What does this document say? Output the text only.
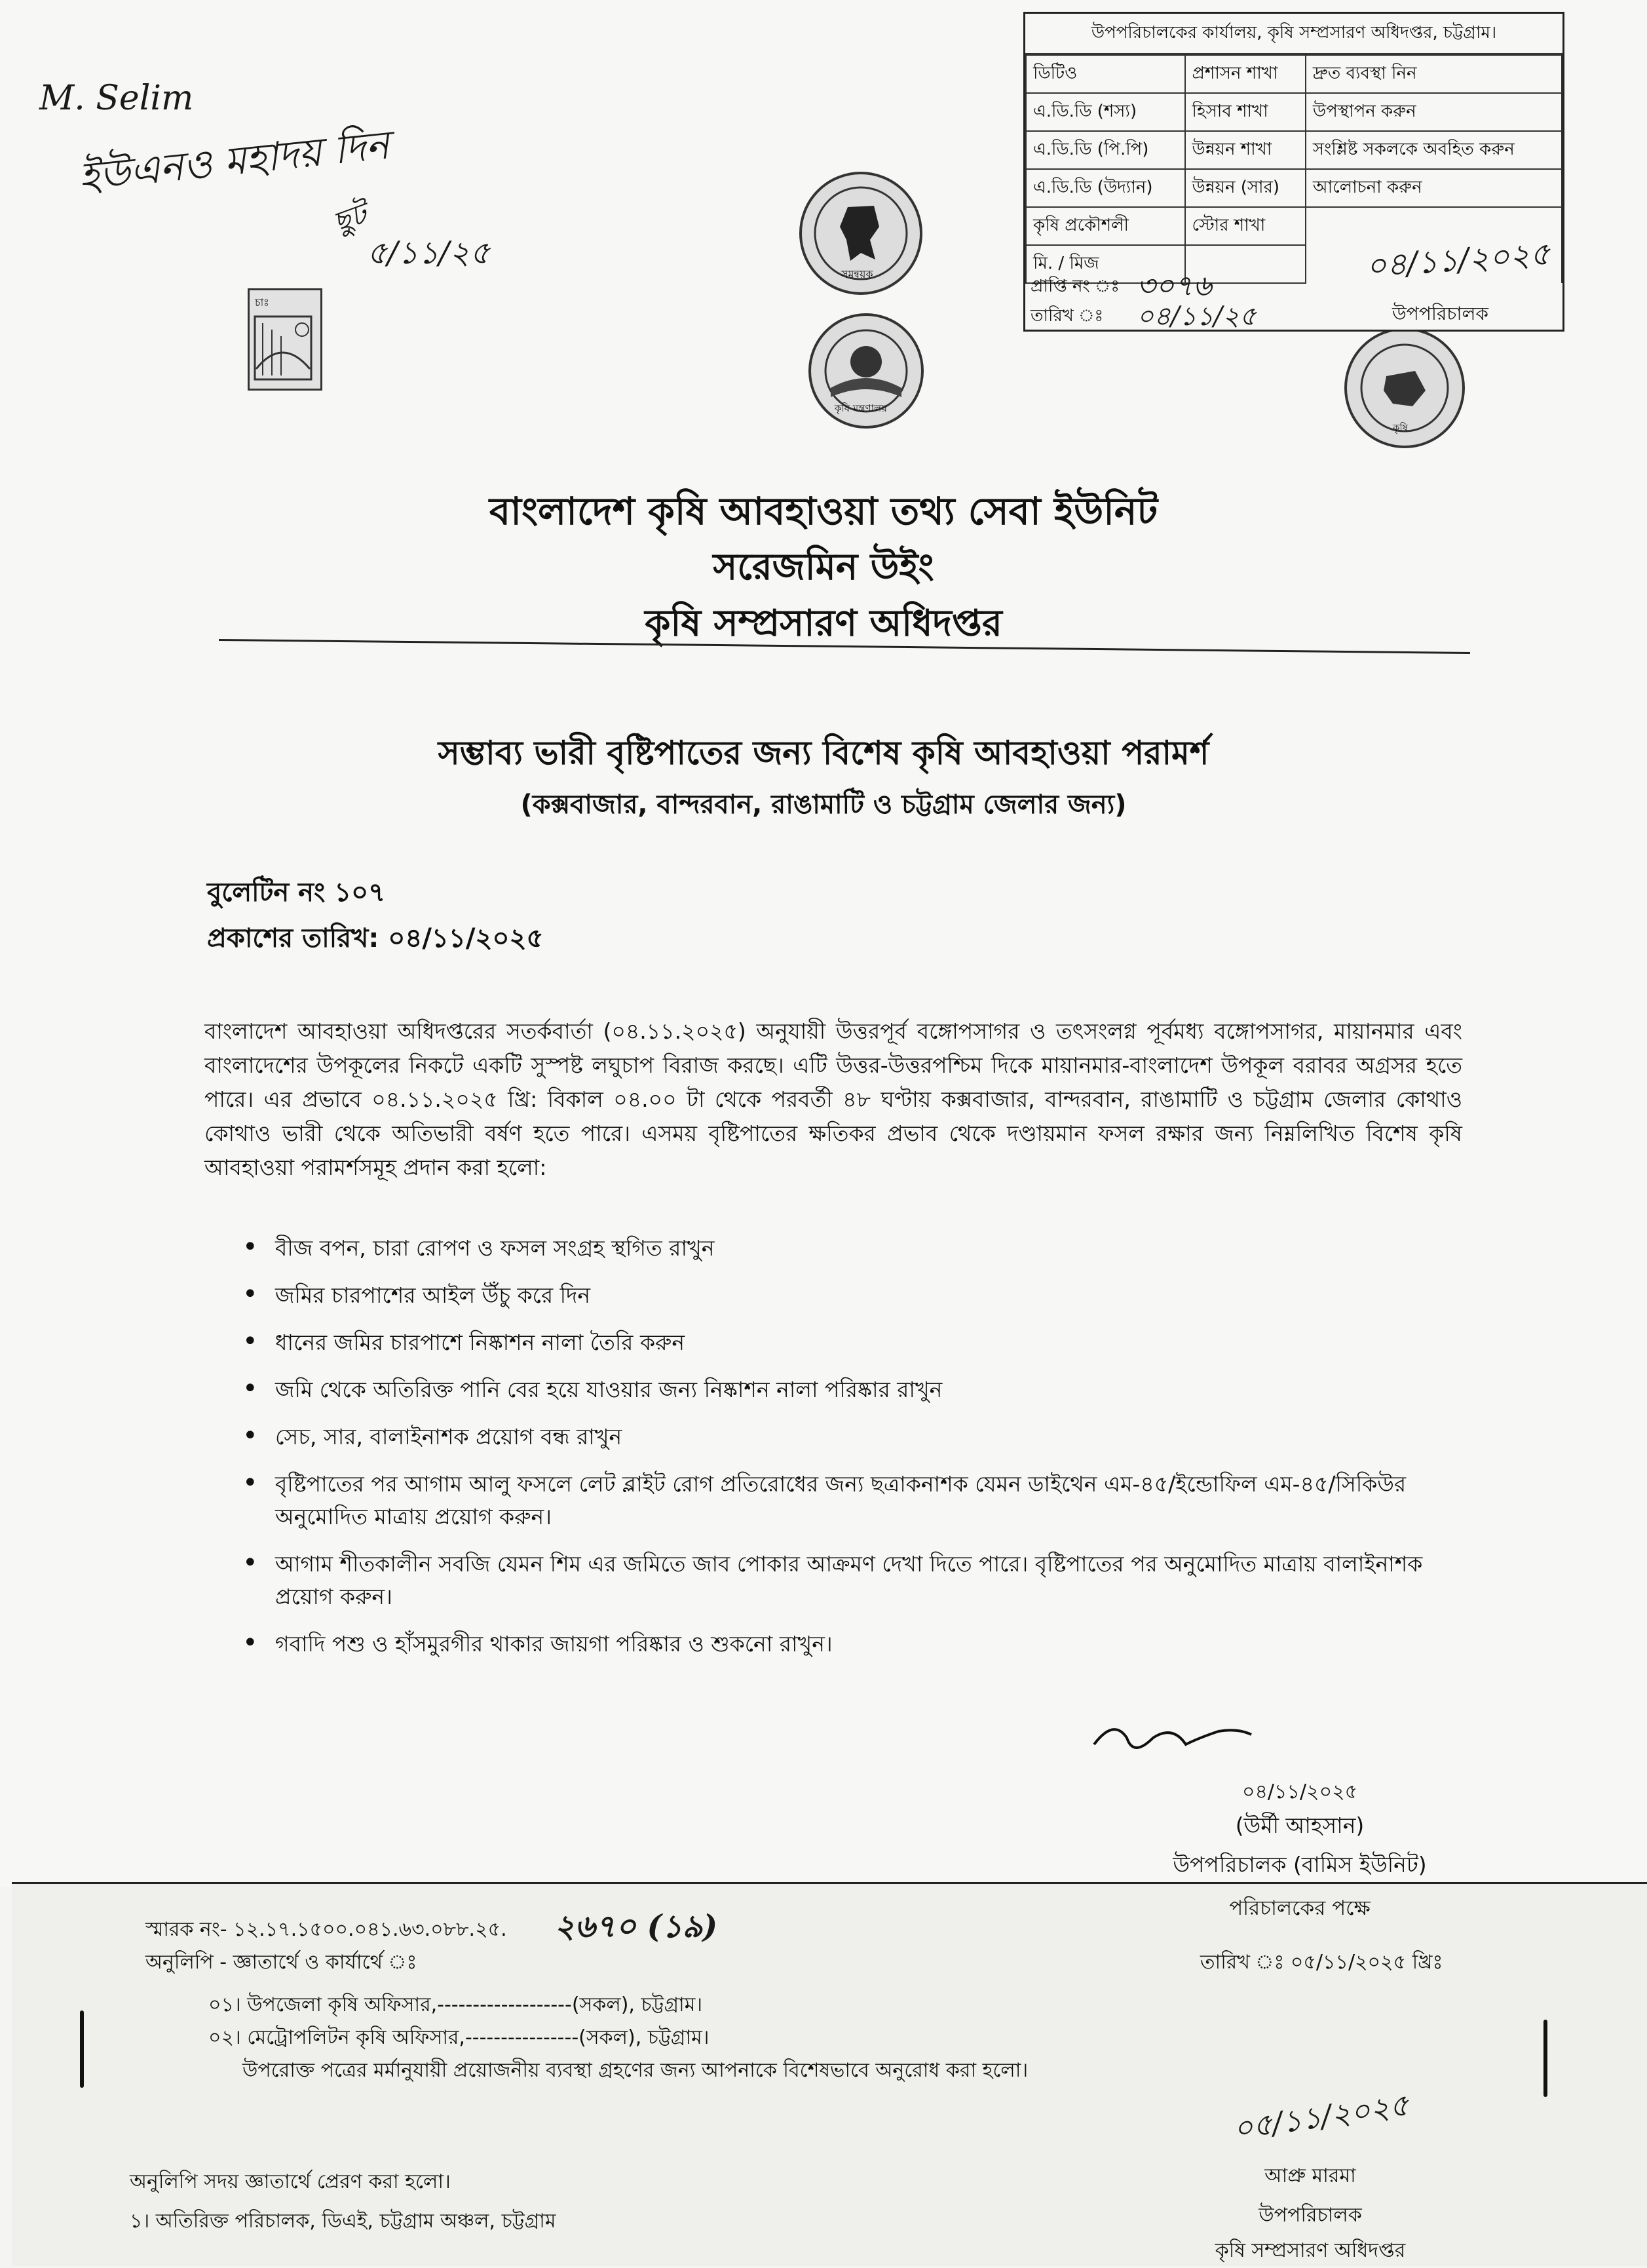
M. Selim
ইউএনও মহাদয় দিন
ছুট
৫/১১/২৫
চাঃ
সমন্বয়ক
কৃষি মন্ত্রণালয়
কৃষি
উপপরিচালকের কার্যালয়, কৃষি সম্প্রসারণ অধিদপ্তর, চট্টগ্রাম।
ডিটিও	প্রশাসন শাখা	দ্রুত ব্যবস্থা নিন
এ.ডি.ডি (শস্য)	হিসাব শাখা	উপস্থাপন করুন
এ.ডি.ডি (পি.পি)	উন্নয়ন শাখা	সংশ্লিষ্ট সকলকে অবহিত করুন
এ.ডি.ডি (উদ্যান)	উন্নয়ন (সার)	আলোচনা করুন
কৃষি প্রকৌশলী	স্টোর শাখা	
মি. / মিজ		
প্রাপ্তি নং ঃ ৩০৭৬
তারিখ ঃ ০৪/১১/২৫
০৪/১১/২০২৫
উপপরিচালক
বাংলাদেশ কৃষি আবহাওয়া তথ্য সেবা ইউনিট
সরেজমিন উইং
কৃষি সম্প্রসারণ অধিদপ্তর
সম্ভাব্য ভারী বৃষ্টিপাতের জন্য বিশেষ কৃষি আবহাওয়া পরামর্শ
(কক্সবাজার, বান্দরবান, রাঙামাটি ও চট্টগ্রাম জেলার জন্য)
বুলেটিন নং ১০৭
প্রকাশের তারিখ: ০৪/১১/২০২৫
বাংলাদেশ আবহাওয়া অধিদপ্তরের সতর্কবার্তা (০৪.১১.২০২৫) অনুযায়ী উত্তরপূর্ব বঙ্গোপসাগর ও তৎসংলগ্ন পূর্বমধ্য বঙ্গোপসাগর, মায়ানমার এবং বাংলাদেশের উপকূলের নিকটে একটি সুস্পষ্ট লঘুচাপ বিরাজ করছে। এটি উত্তর-উত্তরপশ্চিম দিকে মায়ানমার-বাংলাদেশ উপকূল বরাবর অগ্রসর হতে পারে। এর প্রভাবে ০৪.১১.২০২৫ খ্রি: বিকাল ০৪.০০ টা থেকে পরবর্তী ৪৮ ঘণ্টায় কক্সবাজার, বান্দরবান, রাঙামাটি ও চট্টগ্রাম জেলার কোথাও কোথাও ভারী থেকে অতিভারী বর্ষণ হতে পারে। এসময় বৃষ্টিপাতের ক্ষতিকর প্রভাব থেকে দণ্ডায়মান ফসল রক্ষার জন্য নিম্নলিখিত বিশেষ কৃষি আবহাওয়া পরামর্শসমূহ প্রদান করা হলো:
• বীজ বপন, চারা রোপণ ও ফসল সংগ্রহ স্থগিত রাখুন
• জমির চারপাশের আইল উঁচু করে দিন
• ধানের জমির চারপাশে নিষ্কাশন নালা তৈরি করুন
• জমি থেকে অতিরিক্ত পানি বের হয়ে যাওয়ার জন্য নিষ্কাশন নালা পরিষ্কার রাখুন
• সেচ, সার, বালাইনাশক প্রয়োগ বন্ধ রাখুন
• বৃষ্টিপাতের পর আগাম আলু ফসলে লেট ব্লাইট রোগ প্রতিরোধের জন্য ছত্রাকনাশক যেমন ডাইথেন এম-৪৫/ইন্ডোফিল এম-৪৫/সিকিউর অনুমোদিত মাত্রায় প্রয়োগ করুন।
• আগাম শীতকালীন সবজি যেমন শিম এর জমিতে জাব পোকার আক্রমণ দেখা দিতে পারে। বৃষ্টিপাতের পর অনুমোদিত মাত্রায় বালাইনাশক প্রয়োগ করুন।
• গবাদি পশু ও হাঁসমুরগীর থাকার জায়গা পরিষ্কার ও শুকনো রাখুন।
০৪/১১/২০২৫
(উর্মী আহসান)
উপপরিচালক (বামিস ইউনিট)
পরিচালকের পক্ষে
স্মারক নং- ১২.১৭.১৫০০.০৪১.৬৩.০৮৮.২৫. ২৬৭০ (১৯)
অনুলিপি - জ্ঞাতার্থে ও কার্যার্থে ঃ	তারিখ ঃ ০৫/১১/২০২৫ খ্রিঃ
০১। উপজেলা কৃষি অফিসার,-------------------(সকল), চট্টগ্রাম।
০২। মেট্রোপলিটন কৃষি অফিসার,----------------(সকল), চট্টগ্রাম।
উপরোক্ত পত্রের মর্মানুযায়ী প্রয়োজনীয় ব্যবস্থা গ্রহণের জন্য আপনাকে বিশেষভাবে অনুরোধ করা হলো।
০৫/১১/২০২৫
অনুলিপি সদয় জ্ঞাতার্থে প্রেরণ করা হলো।
১। অতিরিক্ত পরিচালক, ডিএই, চট্টগ্রাম অঞ্চল, চট্টগ্রাম
আপ্রু মারমা
উপপরিচালক
কৃষি সম্প্রসারণ অধিদপ্তর
